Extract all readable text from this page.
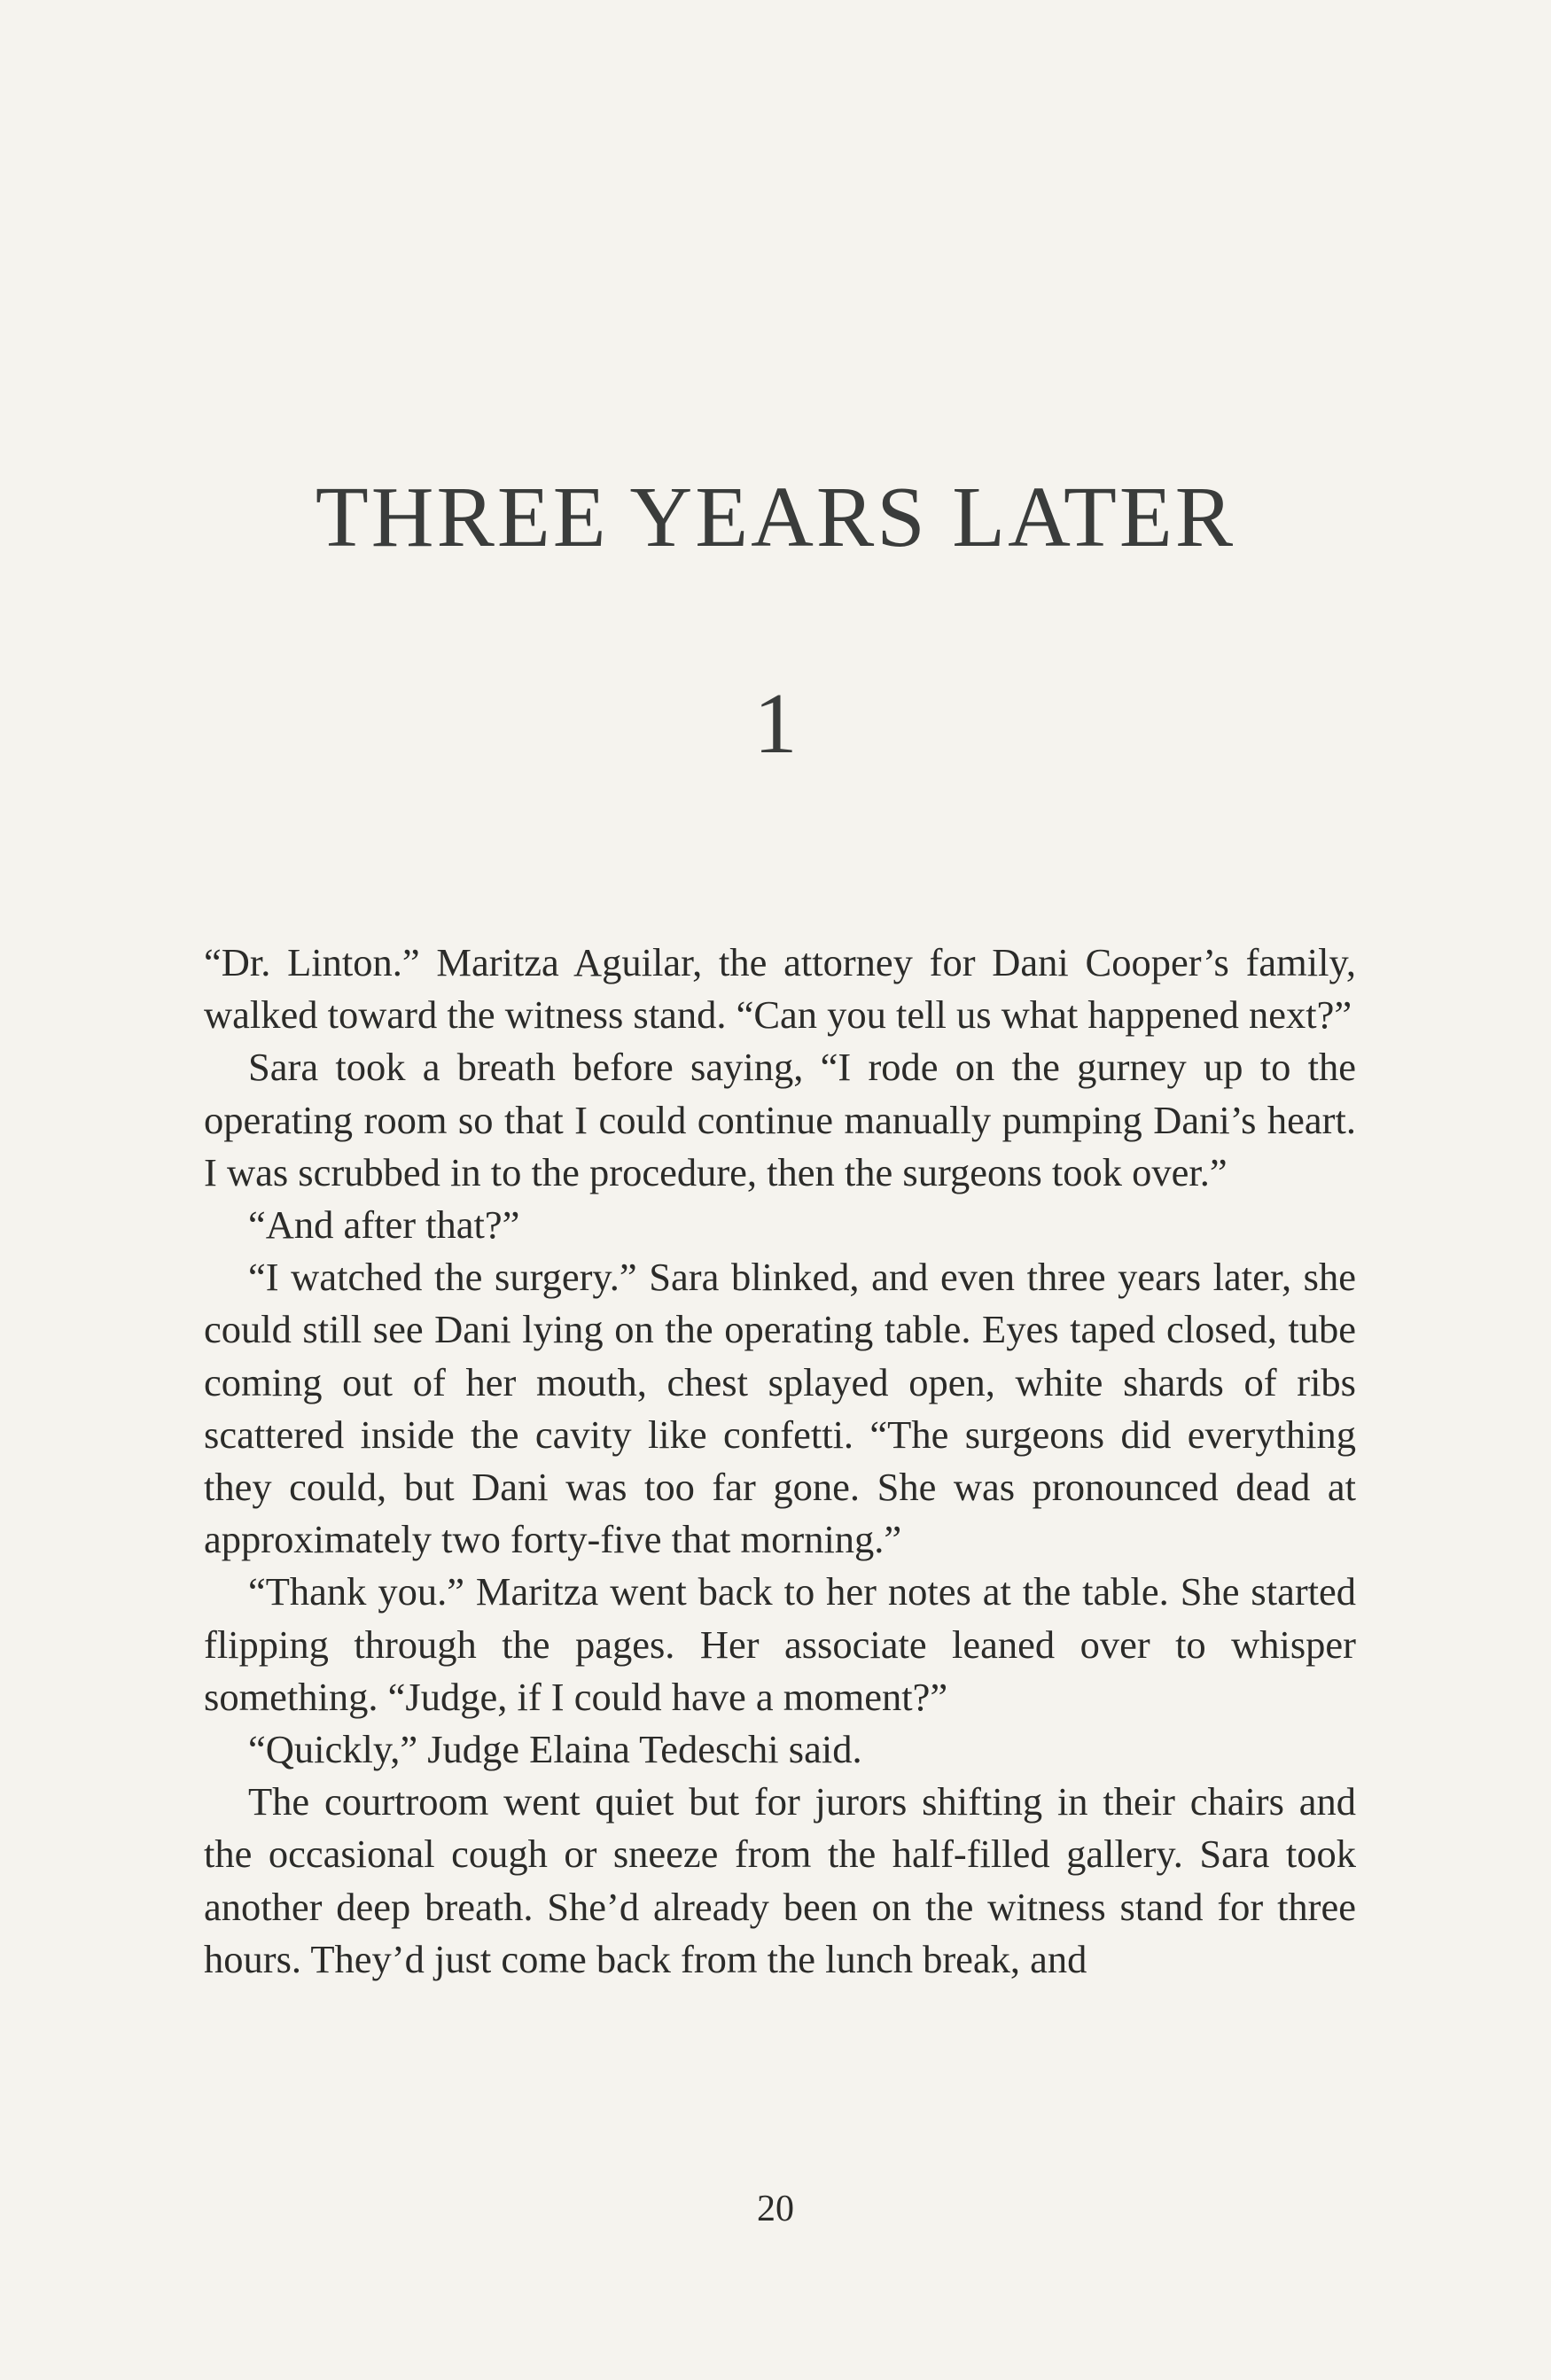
THREE YEARS LATER
1

“Dr. Linton.” Maritza Aguilar, the attorney for Dani Cooper’s family, walked toward the witness stand. “Can you tell us what happened next?”

Sara took a breath before saying, “I rode on the gurney up to the operating room so that I could continue manually pumping Dani’s heart. I was scrubbed in to the procedure, then the surgeons took over.”

“And after that?”

“I watched the surgery.” Sara blinked, and even three years later, she could still see Dani lying on the operating table. Eyes taped closed, tube coming out of her mouth, chest splayed open, white shards of ribs scattered inside the cavity like confetti. “The surgeons did everything they could, but Dani was too far gone. She was pronounced dead at approximately two forty-five that morning.”

“Thank you.” Maritza went back to her notes at the table. She started flipping through the pages. Her associate leaned over to whisper something. “Judge, if I could have a moment?”

“Quickly,” Judge Elaina Tedeschi said.

The courtroom went quiet but for jurors shifting in their chairs and the occasional cough or sneeze from the half-filled gallery. Sara took another deep breath. She’d already been on the witness stand for three hours. They’d just come back from the lunch break, and

20
